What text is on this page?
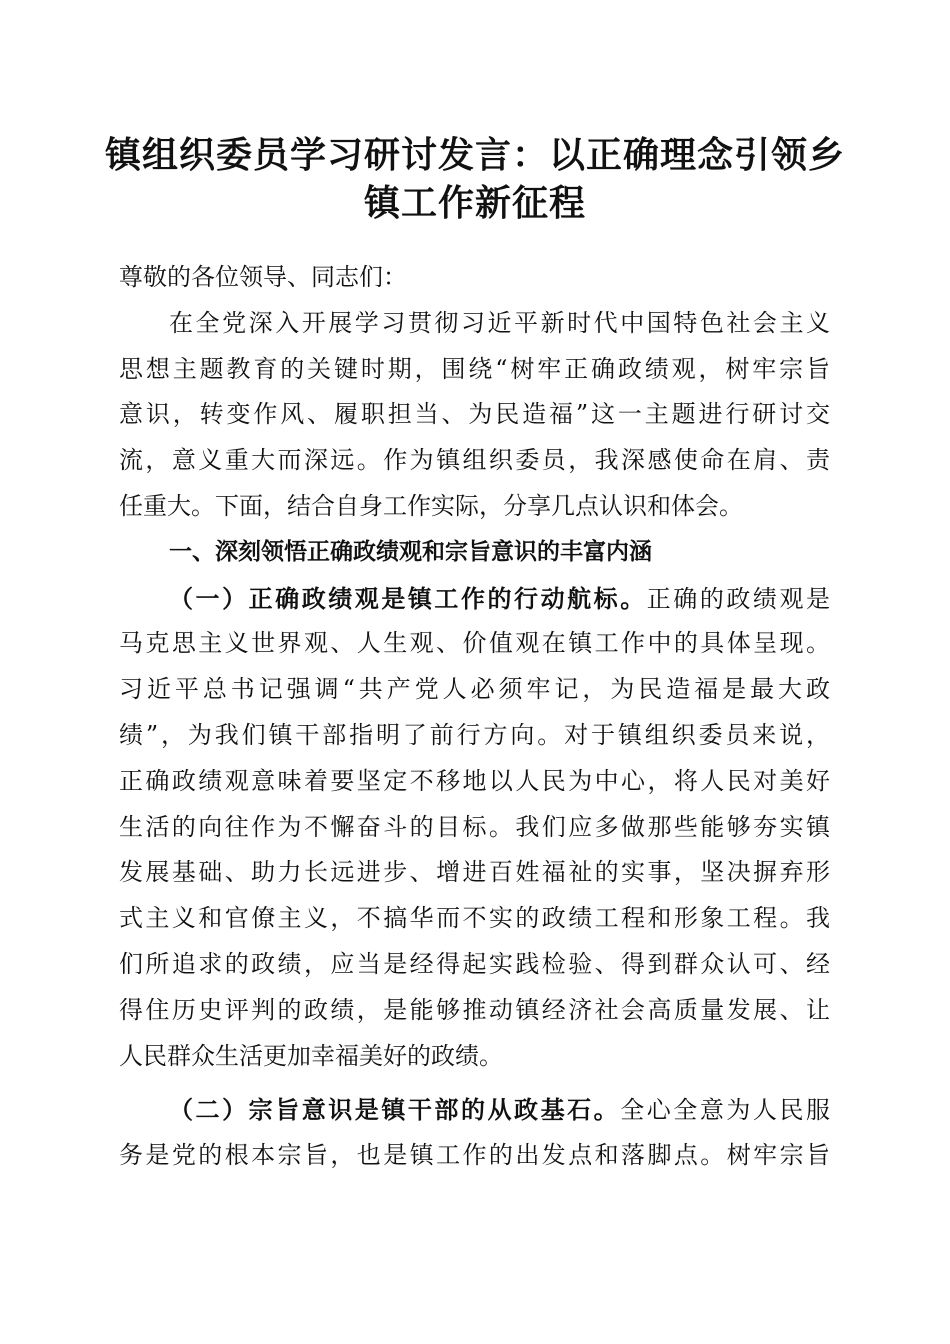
镇组织委员学习研讨发言：以正确理念引领乡
镇工作新征程
尊敬的各位领导、同志们：
在全党深入开展学习贯彻习近平新时代中国特色社会主义
思想主题教育的关键时期，围绕“树牢正确政绩观，树牢宗旨
意识，转变作风、履职担当、为民造福”这一主题进行研讨交
流，意义重大而深远。作为镇组织委员，我深感使命在肩、责
任重大。下面，结合自身工作实际，分享几点认识和体会。
一、深刻领悟正确政绩观和宗旨意识的丰富内涵
（一）正确政绩观是镇工作的行动航标。正确的政绩观是
马克思主义世界观、人生观、价值观在镇工作中的具体呈现。
习近平总书记强调“共产党人必须牢记，为民造福是最大政
绩”，为我们镇干部指明了前行方向。对于镇组织委员来说，
正确政绩观意味着要坚定不移地以人民为中心，将人民对美好
生活的向往作为不懈奋斗的目标。我们应多做那些能够夯实镇
发展基础、助力长远进步、增进百姓福祉的实事，坚决摒弃形
式主义和官僚主义，不搞华而不实的政绩工程和形象工程。我
们所追求的政绩，应当是经得起实践检验、得到群众认可、经
得住历史评判的政绩，是能够推动镇经济社会高质量发展、让
人民群众生活更加幸福美好的政绩。
（二）宗旨意识是镇干部的从政基石。全心全意为人民服
务是党的根本宗旨，也是镇工作的出发点和落脚点。树牢宗旨
